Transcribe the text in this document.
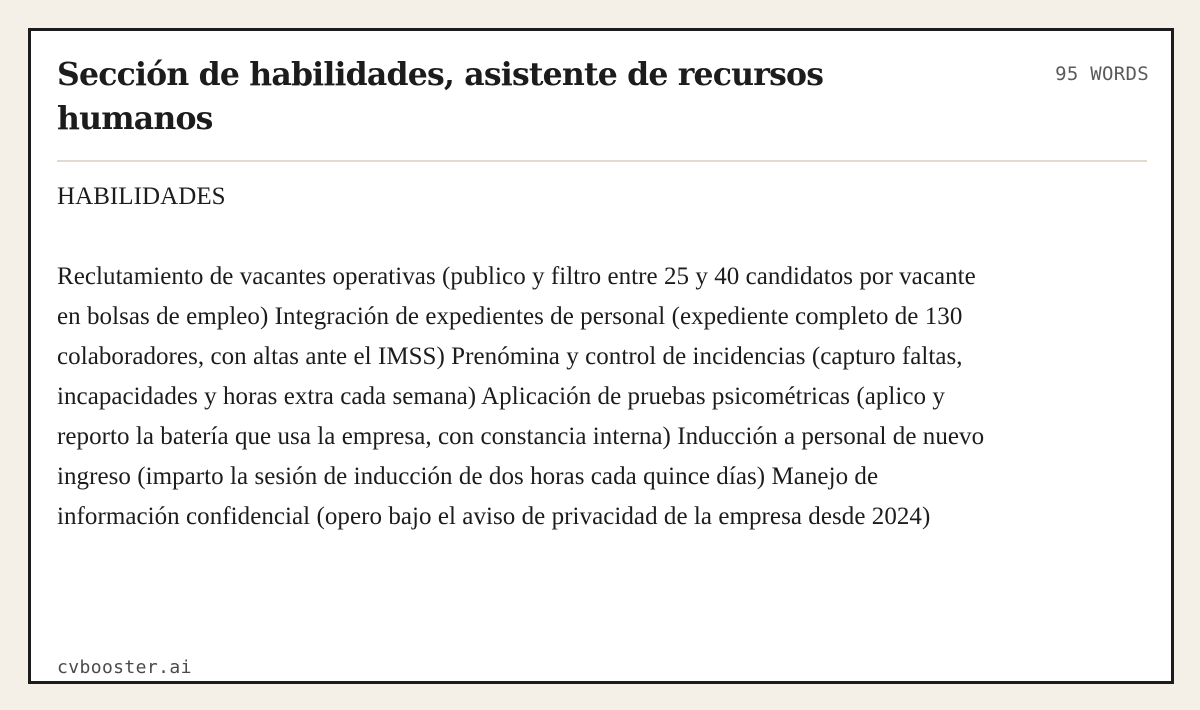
Sección de habilidades, asistente de recursos humanos
95 WORDS

HABILIDADES

Reclutamiento de vacantes operativas (publico y filtro entre 25 y 40 candidatos por vacante en bolsas de empleo) Integración de expedientes de personal (expediente completo de 130 colaboradores, con altas ante el IMSS) Prenómina y control de incidencias (capturo faltas, incapacidades y horas extra cada semana) Aplicación de pruebas psicométricas (aplico y reporto la batería que usa la empresa, con constancia interna) Inducción a personal de nuevo ingreso (imparto la sesión de inducción de dos horas cada quince días) Manejo de información confidencial (opero bajo el aviso de privacidad de la empresa desde 2024)

cvbooster.ai
